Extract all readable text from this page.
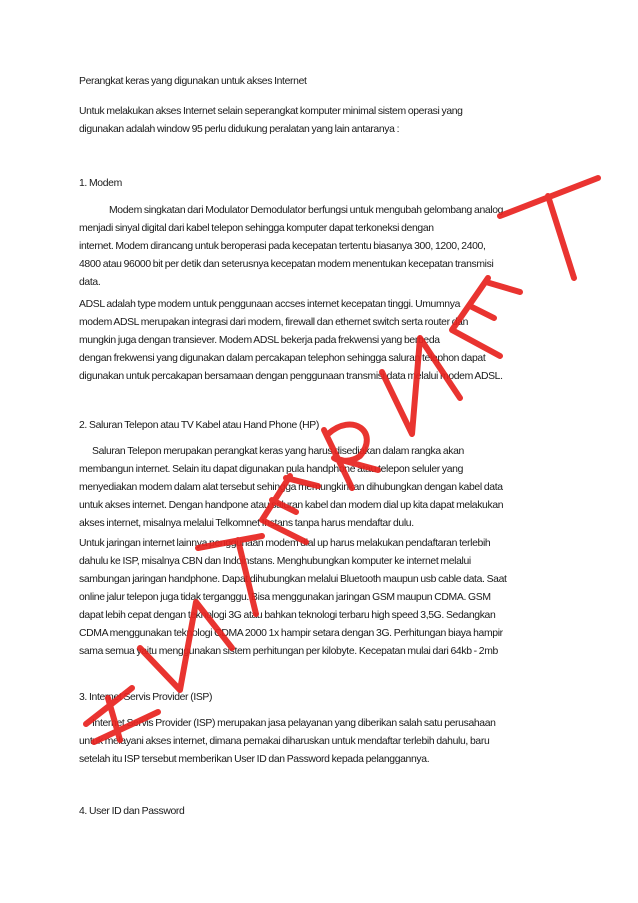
Perangkat keras yang digunakan untuk akses Internet
Untuk melakukan akses Internet selain seperangkat komputer minimal sistem operasi yang
digunakan adalah window 95 perlu didukung peralatan yang lain antaranya :
1. Modem
Modem singkatan dari Modulator Demodulator berfungsi untuk mengubah gelombang analog
menjadi sinyal digital dari kabel telepon sehingga komputer dapat terkoneksi dengan
internet. Modem dirancang untuk beroperasi pada kecepatan tertentu biasanya 300, 1200, 2400,
4800 atau 96000 bit per detik dan seterusnya kecepatan modem menentukan kecepatan transmisi
data.
ADSL adalah type modem untuk penggunaan accses internet kecepatan tinggi. Umumnya
modem ADSL merupakan integrasi dari modem, firewall dan ethernet switch serta router dan
mungkin juga dengan transiever. Modem ADSL bekerja pada frekwensi yang berbeda
dengan frekwensi yang digunakan dalam percakapan telephon sehingga saluran telephon dapat
digunakan untuk percakapan bersamaan dengan penggunaan transmisi data melalui modem ADSL.
2. Saluran Telepon atau TV Kabel atau Hand Phone (HP)
Saluran Telepon merupakan perangkat keras yang harus disediakan dalam rangka akan
membangun internet. Selain itu dapat digunakan pula handphone atau telepon seluler yang
menyediakan modem dalam alat tersebut sehingga memungkinkan dihubungkan dengan kabel data
untuk akses internet. Dengan handpone atau saluran kabel dan modem dial up kita dapat melakukan
akses internet, misalnya melalui Telkomnet Instans tanpa harus mendaftar dulu.
Untuk jaringan internet lainnya penggunaan modem dial up harus melakukan pendaftaran terlebih
dahulu ke ISP, misalnya CBN dan Indoinstans. Menghubungkan komputer ke internet melalui
sambungan jaringan handphone. Dapat dihubungkan melalui Bluetooth maupun usb cable data. Saat
online jalur telepon juga tidak terganggu. Bisa menggunakan jaringan GSM maupun CDMA. GSM
dapat lebih cepat dengan teknologi 3G atau bahkan teknologi terbaru high speed 3,5G. Sedangkan
CDMA menggunakan teknologi CDMA 2000 1x hampir setara dengan 3G. Perhitungan biaya hampir
sama semua yaitu menggunakan sistem perhitungan per kilobyte. Kecepatan mulai dari 64kb - 2mb
3. Internet Servis Provider (ISP)
Internet Servis Provider (ISP) merupakan jasa pelayanan yang diberikan salah satu perusahaan
untuk melayani akses internet, dimana pemakai diharuskan untuk mendaftar terlebih dahulu, baru
setelah itu ISP tersebut memberikan User ID dan Password kepada pelanggannya.
4. User ID dan Password
